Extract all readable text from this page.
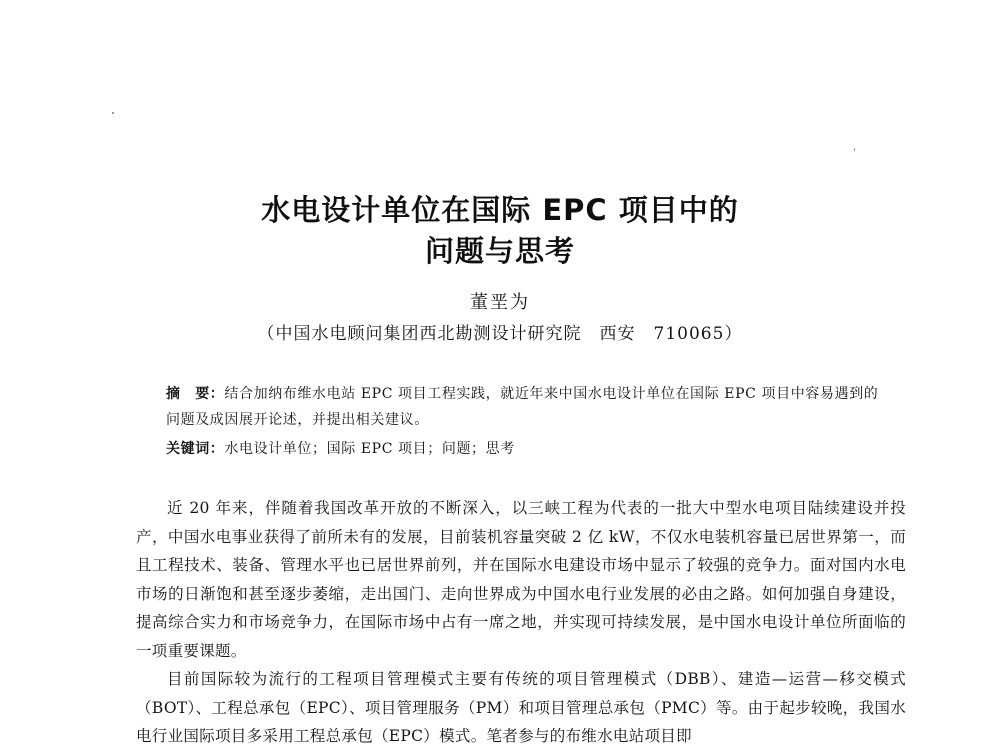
水电设计单位在国际 EPC 项目中的
问题与思考
董垩为
（中国水电顾问集团西北勘测设计研究院　西安　710065）
摘　要：结合加纳布维水电站 EPC 项目工程实践，就近年来中国水电设计单位在国际 EPC 项目中容易遇到的问题及成因展开论述，并提出相关建议。
关键词：水电设计单位；国际 EPC 项目；问题；思考

近 20 年来，伴随着我国改革开放的不断深入，以三峡工程为代表的一批大中型水电项目陆续建设并投产，中国水电事业获得了前所未有的发展，目前装机容量突破 2 亿 kW，不仅水电装机容量已居世界第一，而且工程技术、装备、管理水平也已居世界前列，并在国际水电建设市场中显示了较强的竞争力。面对国内水电市场的日渐饱和甚至逐步萎缩，走出国门、走向世界成为中国水电行业发展的必由之路。如何加强自身建设，提高综合实力和市场竞争力，在国际市场中占有一席之地，并实现可持续发展，是中国水电设计单位所面临的一项重要课题。

目前国际较为流行的工程项目管理模式主要有传统的项目管理模式（DBB）、建造—运营—移交模式（BOT）、工程总承包（EPC）、项目管理服务（PM）和项目管理总承包（PMC）等。由于起步较晚，我国水电行业国际项目多采用工程总承包（EPC）模式。笔者参与的布维水电站项目即
